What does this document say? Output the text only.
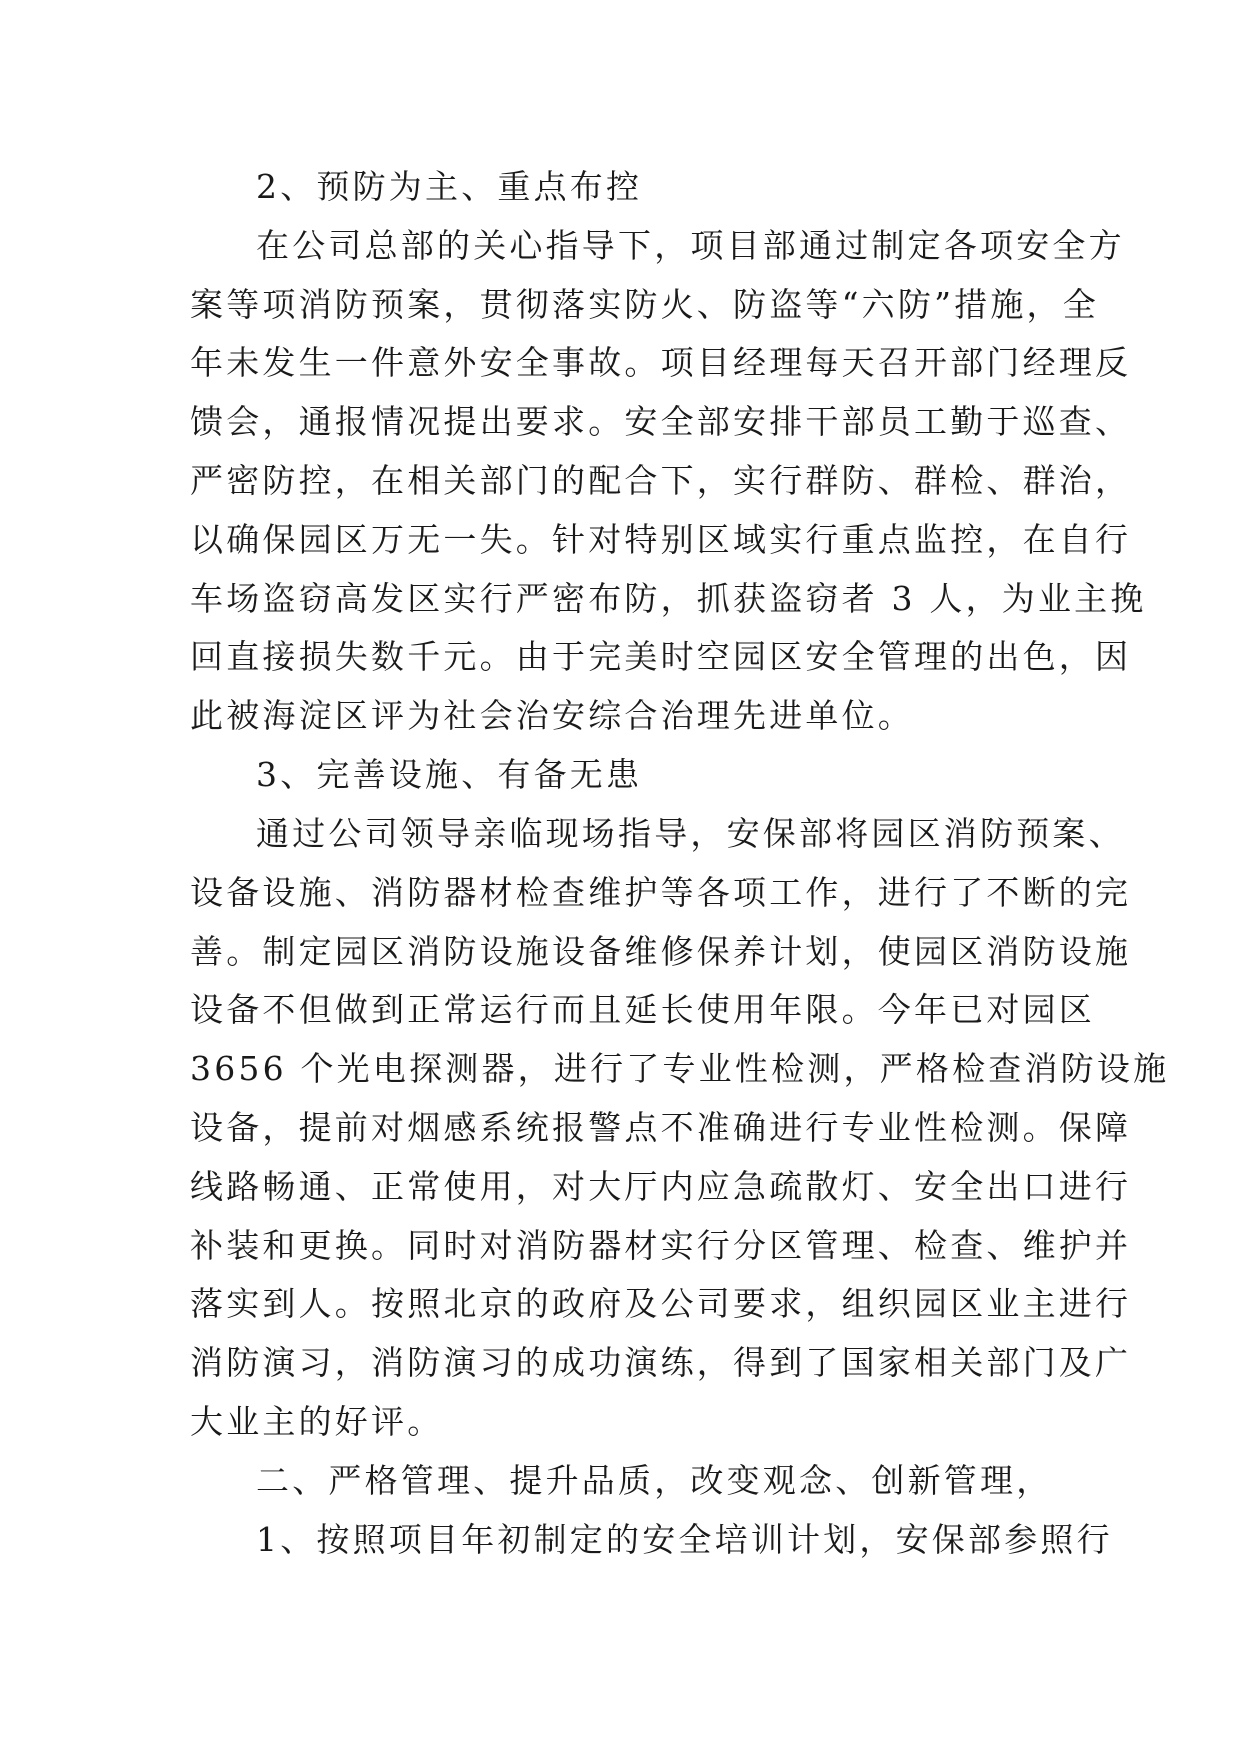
2、预防为主、重点布控
在公司总部的关心指导下，项目部通过制定各项安全方
案等项消防预案，贯彻落实防火、防盗等“六防”措施，全
年未发生一件意外安全事故。项目经理每天召开部门经理反
馈会，通报情况提出要求。安全部安排干部员工勤于巡查、
严密防控，在相关部门的配合下，实行群防、群检、群治，
以确保园区万无一失。针对特别区域实行重点监控，在自行
车场盗窃高发区实行严密布防，抓获盗窃者 3 人，为业主挽
回直接损失数千元。由于完美时空园区安全管理的出色，因
此被海淀区评为社会治安综合治理先进单位。
3、完善设施、有备无患
通过公司领导亲临现场指导，安保部将园区消防预案、
设备设施、消防器材检查维护等各项工作，进行了不断的完
善。制定园区消防设施设备维修保养计划，使园区消防设施
设备不但做到正常运行而且延长使用年限。今年已对园区
3656 个光电探测器，进行了专业性检测，严格检查消防设施
设备，提前对烟感系统报警点不准确进行专业性检测。保障
线路畅通、正常使用，对大厅内应急疏散灯、安全出口进行
补装和更换。同时对消防器材实行分区管理、检查、维护并
落实到人。按照北京的政府及公司要求，组织园区业主进行
消防演习，消防演习的成功演练，得到了国家相关部门及广
大业主的好评。
二、严格管理、提升品质，改变观念、创新管理，
1、按照项目年初制定的安全培训计划，安保部参照行
